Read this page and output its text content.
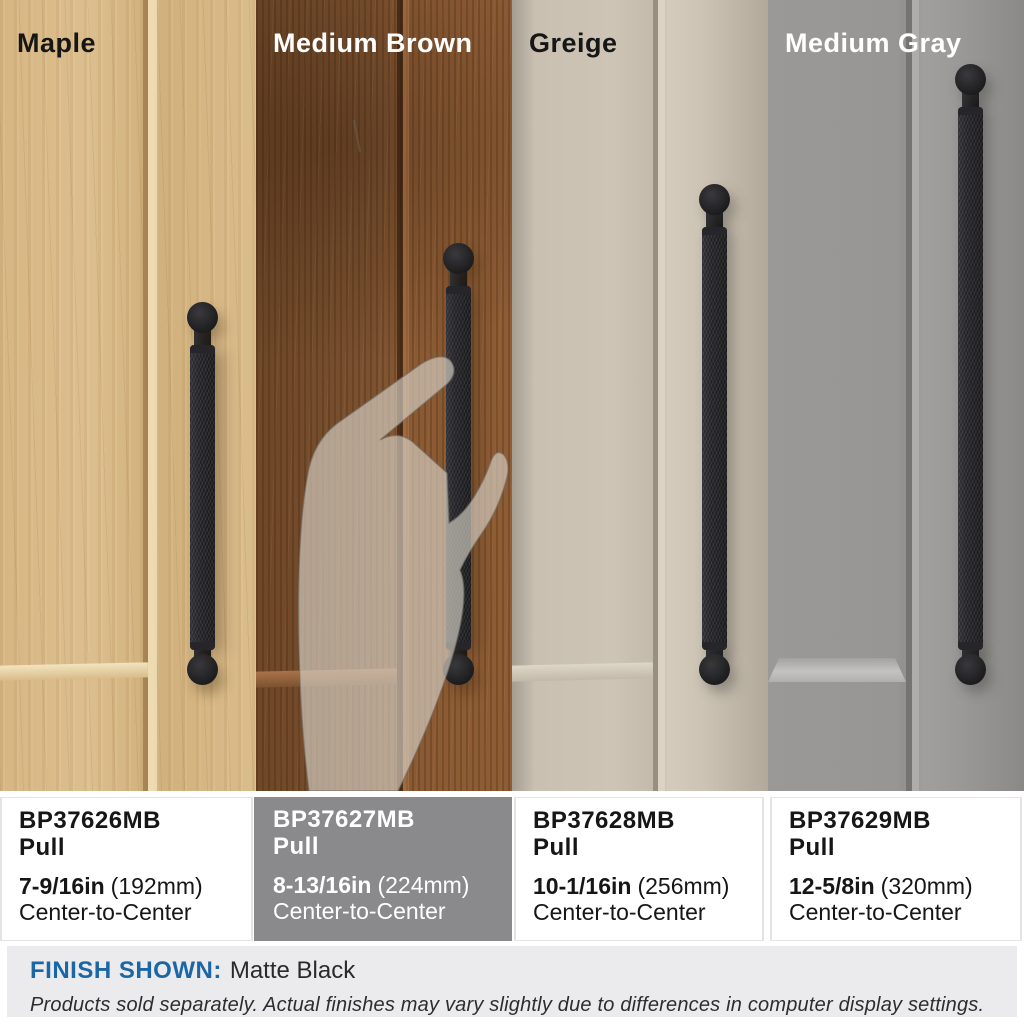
Maple	Medium Brown Greige	Medium Gray
BP37626MB
Pull
7-9/16in (192mm)
Center-to-Center
BP37627MB
Pull
8-13/16in (224mm)
Center-to-Center
BP37628MB
Pull
10-1/16in (256mm)
Center-to-Center
BP37629MB
Pull
12-5/8in (320mm)
Center-to-Center
FINISH SHOWN: Matte Black
Products sold separately. Actual finishes may vary slightly due to differences in computer display settings.
